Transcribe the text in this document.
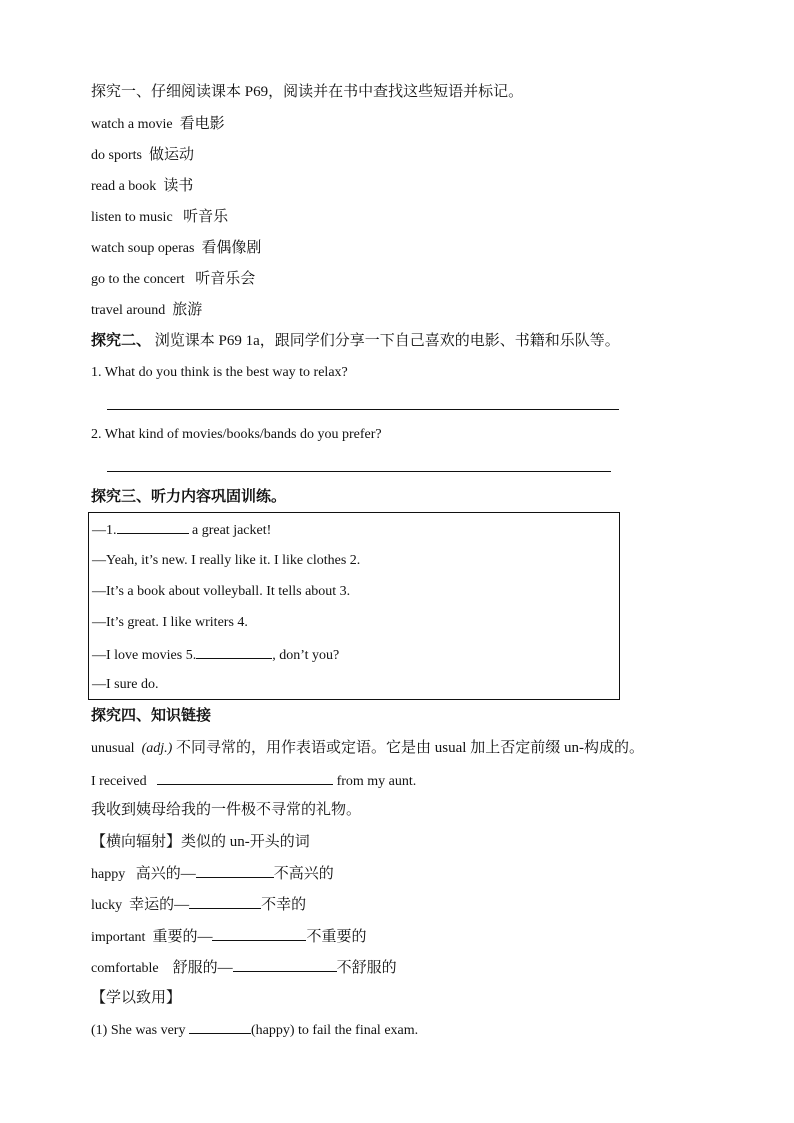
探究一、仔细阅读课本 P69，阅读并在书中查找这些短语并标记。
watch a movie 看电影
do sports 做运动
read a book 读书
listen to music 听音乐
watch soup operas 看偶像剧
go to the concert 听音乐会
travel around 旅游
探究二、 浏览课本 P69 1a，跟同学们分享一下自己喜欢的电影、书籍和乐队等。
1. What do you think is the best way to relax?
2. What kind of movies/books/bands do you prefer?
探究三、听力内容巩固训练。
—1.	a great jacket!
—Yeah, it’s new. I really like it. I like clothes 2.
—It’s a book about volleyball. It tells about 3.
—It’s great. I like writers 4.
—I love movies 5.	, don’t you?
—I sure do.
探究四、知识链接
unusual (adj.) 不同寻常的，用作表语或定语。它是由 usual 加上否定前缀 un-构成的。
I received	from my aunt.
我收到姨母给我的一件极不寻常的礼物。
【横向辐射】类似的 un-开头的词
happy 高兴的—	不高兴的
lucky 幸运的—	不幸的
important 重要的—	不重要的
comfortable 舒服的—	不舒服的
【学以致用】
(1) She was very	(happy) to fail the final exam.
